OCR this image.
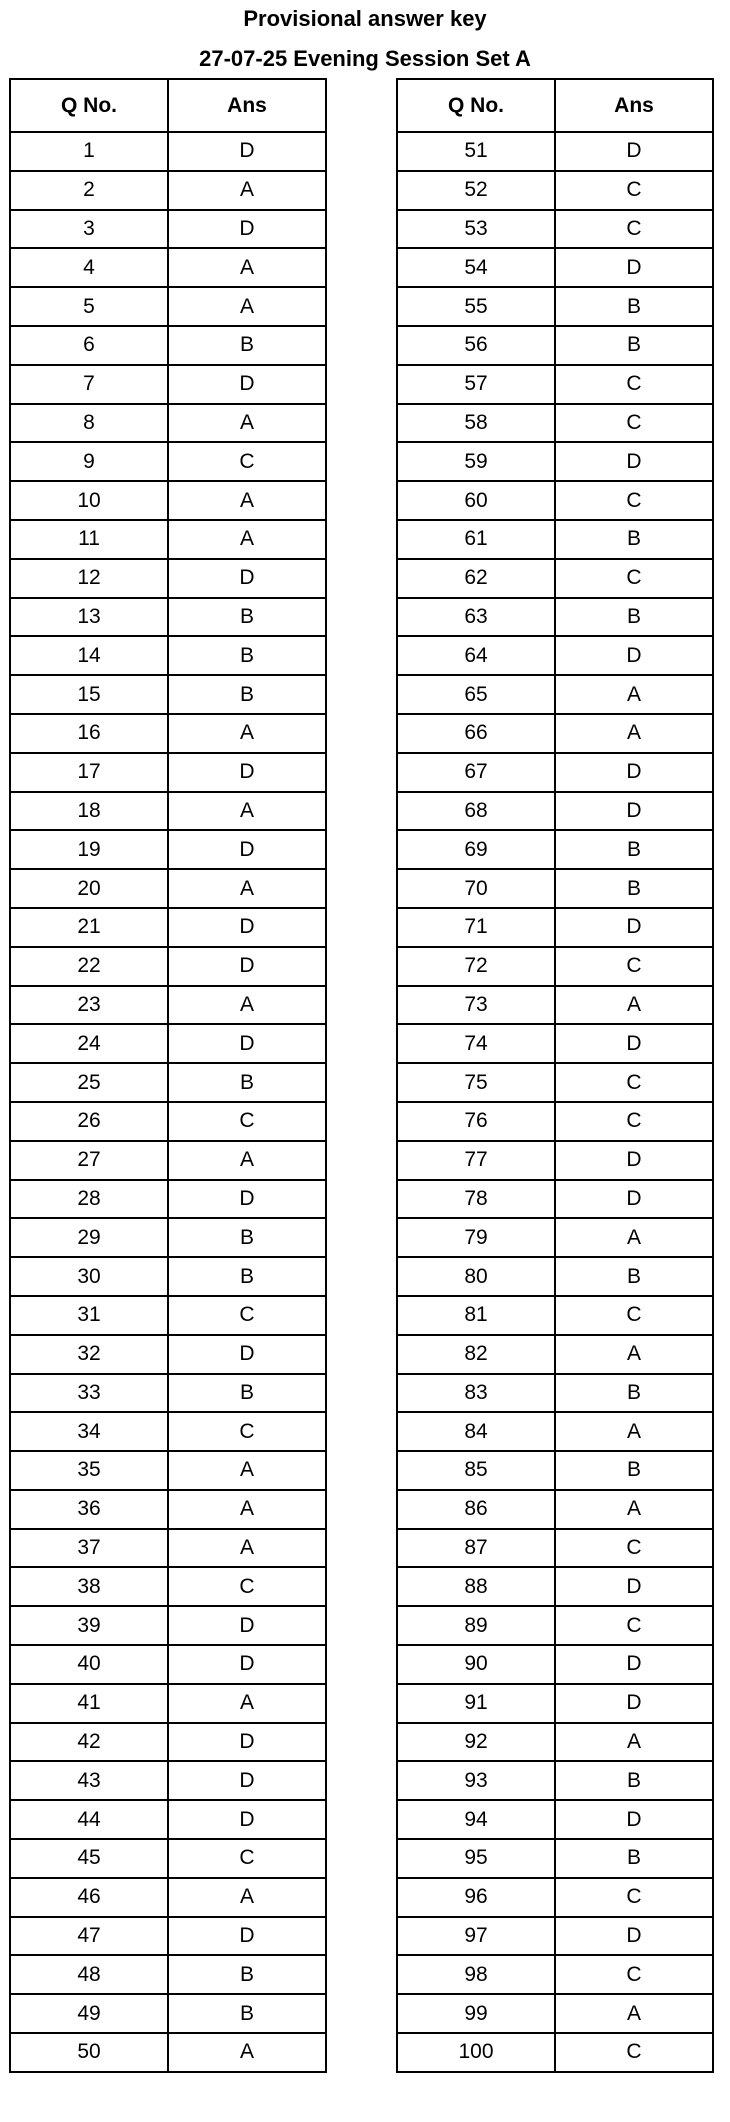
Provisional answer key
27-07-25 Evening Session Set A
Q No.	Ans
1	D
2	A
3	D
4	A
5	A
6	B
7	D
8	A
9	C
10	A
11	A
12	D
13	B
14	B
15	B
16	A
17	D
18	A
19	D
20	A
21	D
22	D
23	A
24	D
25	B
26	C
27	A
28	D
29	B
30	B
31	C
32	D
33	B
34	C
35	A
36	A
37	A
38	C
39	D
40	D
41	A
42	D
43	D
44	D
45	C
46	A
47	D
48	B
49	B
50	A
Q No.	Ans
51	D
52	C
53	C
54	D
55	B
56	B
57	C
58	C
59	D
60	C
61	B
62	C
63	B
64	D
65	A
66	A
67	D
68	D
69	B
70	B
71	D
72	C
73	A
74	D
75	C
76	C
77	D
78	D
79	A
80	B
81	C
82	A
83	B
84	A
85	B
86	A
87	C
88	D
89	C
90	D
91	D
92	A
93	B
94	D
95	B
96	C
97	D
98	C
99	A
100	C
